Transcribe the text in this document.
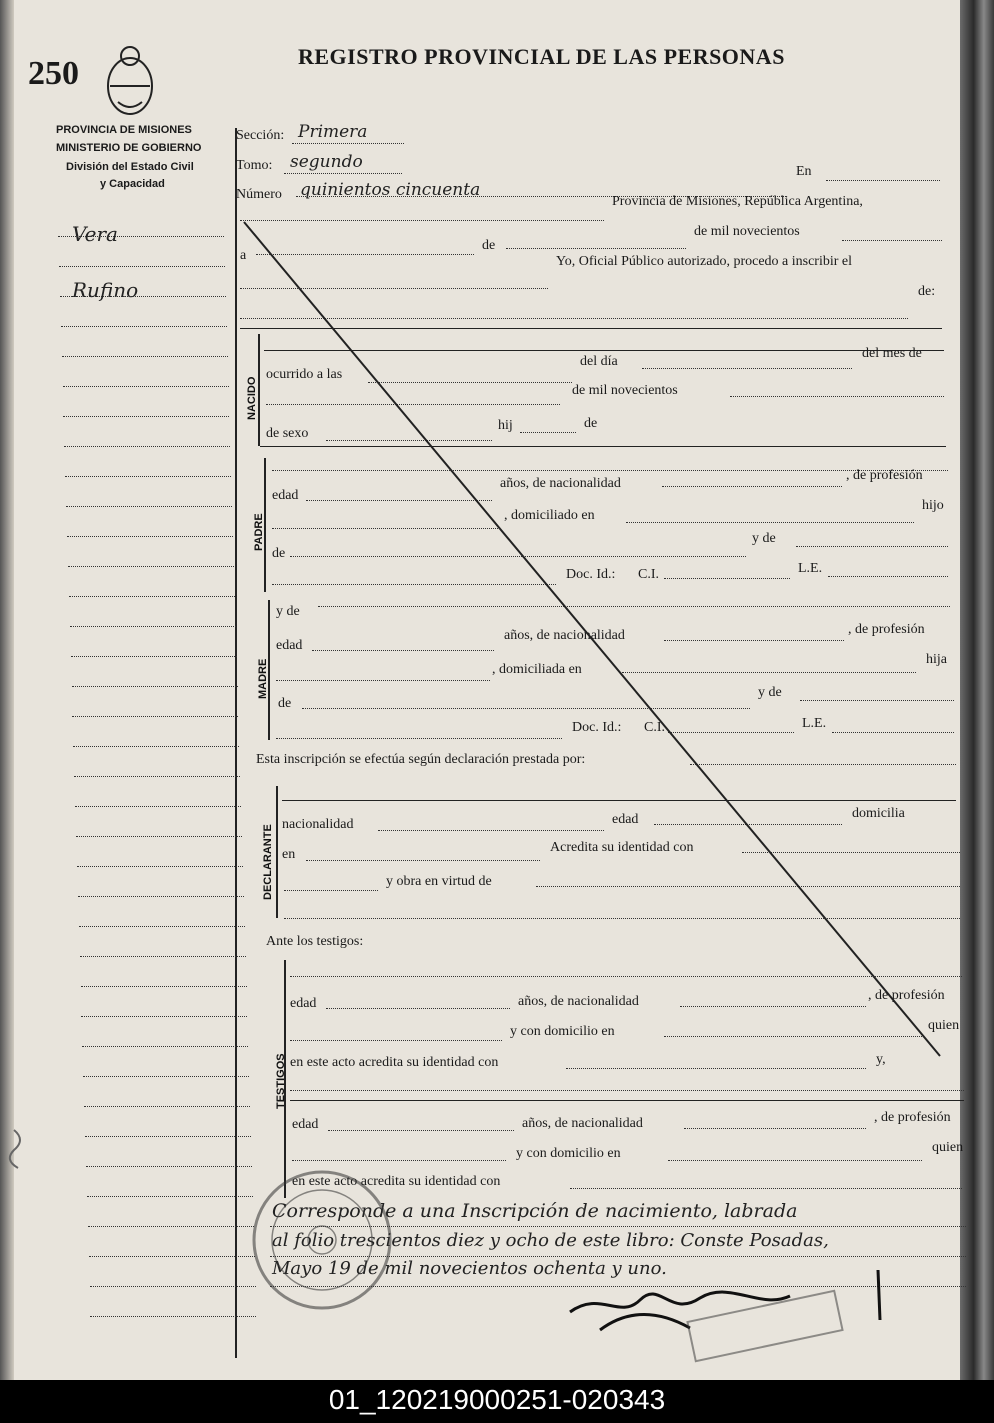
250	REGISTRO PROVINCIAL DE LAS PERSONAS
PROVINCIA DE MISIONES
MINISTERIO DE GOBIERNO
División del Estado Civil
y Capacidad
Vera
Rufino
Sección: Primera
Tomo: segundo
Número quinientos cincuenta
En
Provincia de Misiones, República Argentina,
a
de
de mil novecientos
Yo, Oficial Público autorizado, procedo a inscribir el
de:
NACIDO
ocurrido a las
del día
del mes de
de mil novecientos
de sexo
hij	de
PADRE
edad
años, de nacionalidad
, de profesión
, domiciliado en
hijo
de
y de
Doc. Id.: C.I.	L.E.
MADRE
y de
edad
años, de nacionalidad	, de profesión
, domiciliada en
hija
de
y de
Doc. Id.: C.I.	L.E.
Esta inscripción se efectúa según declaración prestada por:
DECLARANTE nacionalidad	edad	domicilia
en	Acredita su identidad con
y obra en virtud de
Ante los testigos:
TESTIGOS
edad	años, de nacionalidad	, de profesión
y con domicilio en	quien
en este acto acredita su identidad con	y,
edad	años, de nacionalidad	, de profesión
y con domicilio en	quien
en este acto acredita su identidad con
Corresponde a una Inscripción de nacimiento, labrada
al folio trescientos diez y ocho de este libro: Conste Posadas,
Mayo 19 de mil novecientos ochenta y uno.
01_120219000251-020343
